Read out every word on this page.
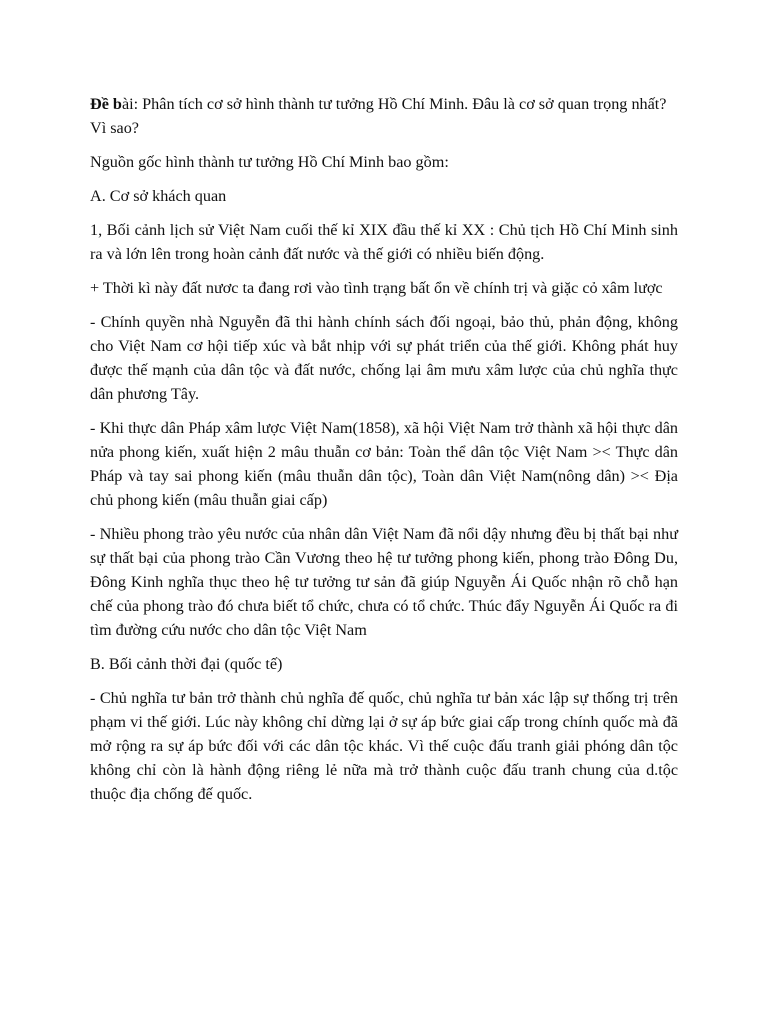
Đề bài: Phân tích cơ sở hình thành tư tưởng Hồ Chí Minh. Đâu là cơ sở quan trọng nhất? Vì sao?

Nguồn gốc hình thành tư tưởng Hồ Chí Minh bao gồm:

A. Cơ sở khách quan

1, Bối cảnh lịch sử Việt Nam cuối thế kỉ XIX đầu thế kỉ XX : Chủ tịch Hồ Chí Minh sinh ra và lớn lên trong hoàn cảnh đất nước và thế giới có nhiều biến động.

+ Thời kì này đất nươc ta đang rơi vào tình trạng bất ổn về chính trị và giặc cỏ xâm lược

- Chính quyền nhà Nguyễn đã thi hành chính sách đối ngoại, bảo thủ, phản động, không cho Việt Nam cơ hội tiếp xúc và bắt nhịp với sự phát triển của thế giới. Không phát huy được thế mạnh của dân tộc và đất nước, chống lại âm mưu xâm lược của chủ nghĩa thực dân phương Tây.

- Khi thực dân Pháp xâm lược Việt Nam(1858), xã hội Việt Nam trở thành xã hội thực dân nửa phong kiến, xuất hiện 2 mâu thuẫn cơ bản: Toàn thể dân tộc Việt Nam >< Thực dân Pháp và tay sai phong kiến (mâu thuẫn dân tộc), Toàn dân Việt Nam(nông dân) >< Địa chủ phong kiến (mâu thuẫn giai cấp)

- Nhiều phong trào yêu nước của nhân dân Việt Nam đã nổi dậy nhưng đều bị thất bại như sự thất bại của phong trào Cần Vương theo hệ tư tưởng phong kiến, phong trào Đông Du, Đông Kinh nghĩa thục theo hệ tư tưởng tư sản đã giúp Nguyễn Ái Quốc nhận rõ chỗ hạn chế của phong trào đó chưa biết tổ chức, chưa có tổ chức. Thúc đẩy Nguyễn Ái Quốc ra đi tìm đường cứu nước cho dân tộc Việt Nam

B. Bối cảnh thời đại (quốc tế)

- Chủ nghĩa tư bản trở thành chủ nghĩa đế quốc, chủ nghĩa tư bản xác lập sự thống trị trên phạm vi thế giới. Lúc này không chỉ dừng lại ở sự áp bức giai cấp trong chính quốc mà đã mở rộng ra sự áp bức đối với các dân tộc khác. Vì thế cuộc đấu tranh giải phóng dân tộc không chỉ còn là hành động riêng lẻ nữa mà trở thành cuộc đấu tranh chung của d.tộc thuộc địa chống đế quốc.
